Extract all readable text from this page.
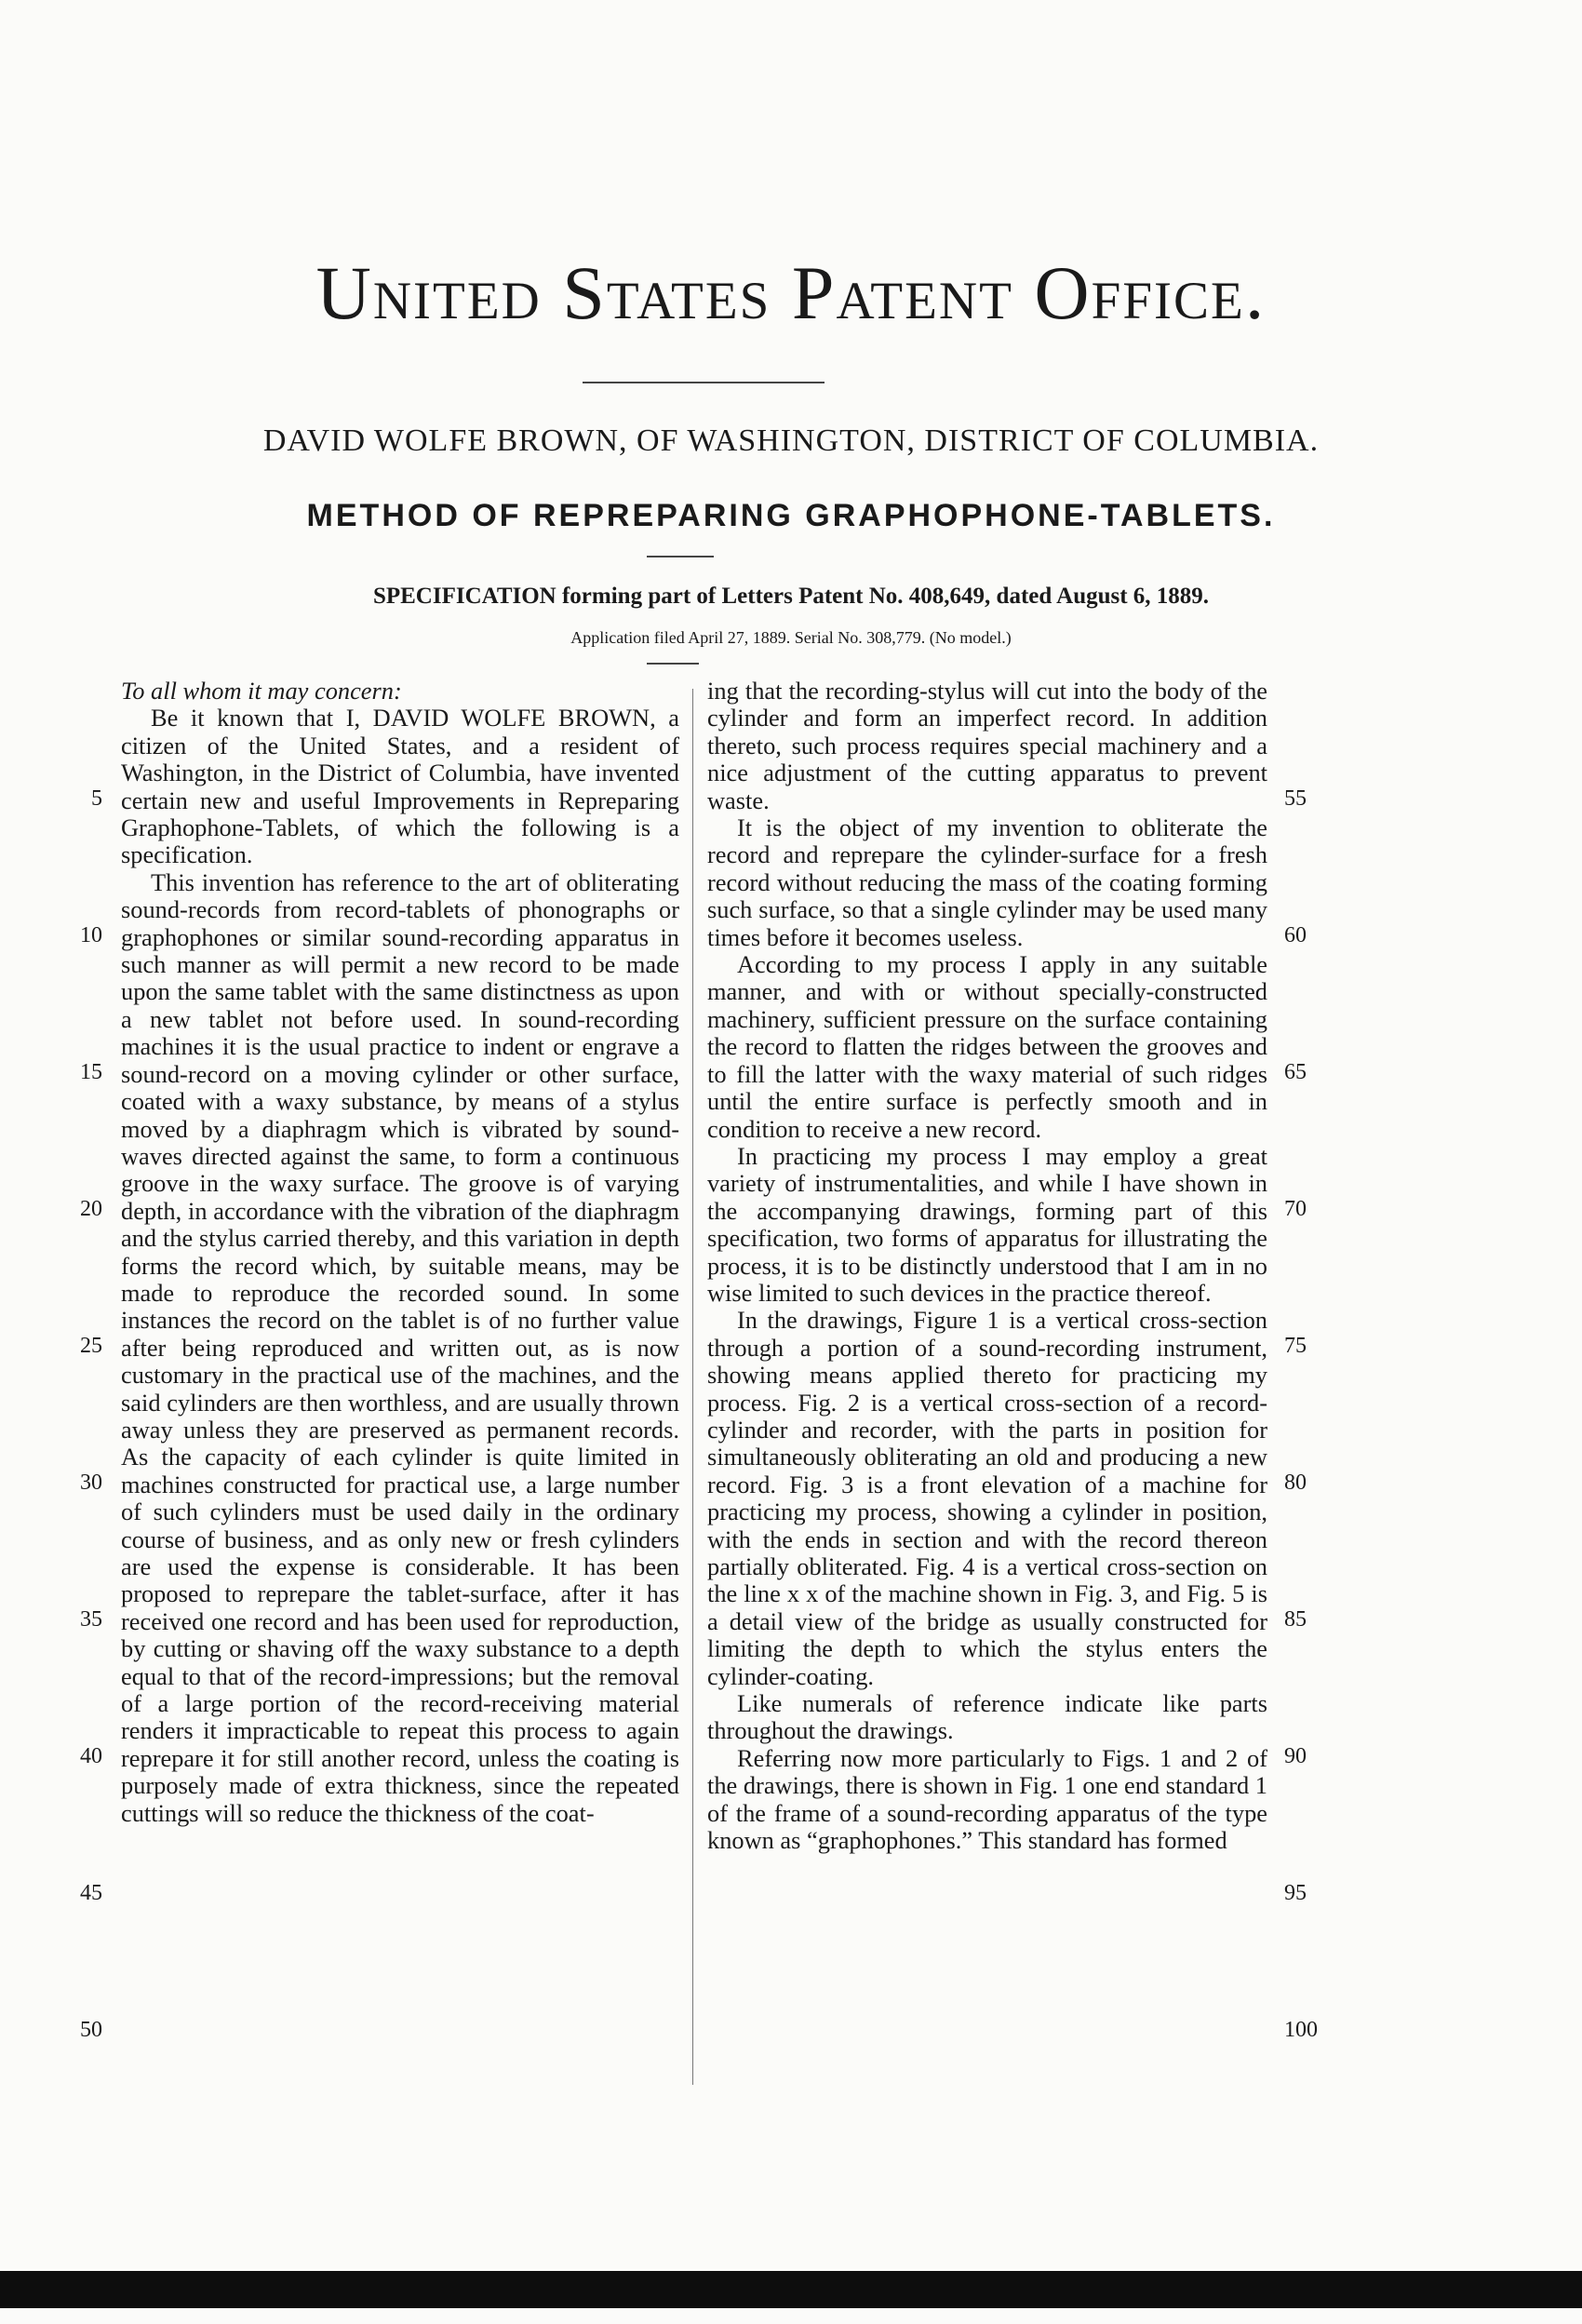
United States Patent Office.
DAVID WOLFE BROWN, OF WASHINGTON, DISTRICT OF COLUMBIA.
METHOD OF REPREPARING GRAPHOPHONE-TABLETS.
SPECIFICATION forming part of Letters Patent No. 408,649, dated August 6, 1889.
Application filed April 27, 1889. Serial No. 308,779. (No model.)

To all whom it may concern:

Be it known that I, DAVID WOLFE BROWN, a citizen of the United States, and a resident of Washington, in the District of Columbia, have invented certain new and useful Improvements in Repreparing Graphophone-Tablets, of which the following is a specification.

This invention has reference to the art of obliterating sound-records from record-tablets of phonographs or graphophones or similar sound-recording apparatus in such manner as will permit a new record to be made upon the same tablet with the same distinctness as upon a new tablet not before used. In sound-recording machines it is the usual practice to indent or engrave a sound-record on a moving cylinder or other surface, coated with a waxy substance, by means of a stylus moved by a diaphragm which is vibrated by sound-waves directed against the same, to form a continuous groove in the waxy surface. The groove is of varying depth, in accordance with the vibration of the diaphragm and the stylus carried thereby, and this variation in depth forms the record which, by suitable means, may be made to reproduce the recorded sound. In some instances the record on the tablet is of no further value after being reproduced and written out, as is now customary in the practical use of the machines, and the said cylinders are then worthless, and are usually thrown away unless they are preserved as permanent records. As the capacity of each cylinder is quite limited in machines constructed for practical use, a large number of such cylinders must be used daily in the ordinary course of business, and as only new or fresh cylinders are used the expense is considerable. It has been proposed to reprepare the tablet-surface, after it has received one record and has been used for reproduction, by cutting or shaving off the waxy substance to a depth equal to that of the record-impressions; but the removal of a large portion of the record-receiving material renders it impracticable to repeat this process to again reprepare it for still another record, unless the coating is purposely made of extra thickness, since the repeated cuttings will so reduce the thickness of the coat-

ing that the recording-stylus will cut into the body of the cylinder and form an imperfect record. In addition thereto, such process requires special machinery and a nice adjustment of the cutting apparatus to prevent waste.

It is the object of my invention to obliterate the record and reprepare the cylinder-surface for a fresh record without reducing the mass of the coating forming such surface, so that a single cylinder may be used many times before it becomes useless.

According to my process I apply in any suitable manner, and with or without specially-constructed machinery, sufficient pressure on the surface containing the record to flatten the ridges between the grooves and to fill the latter with the waxy material of such ridges until the entire surface is perfectly smooth and in condition to receive a new record.

In practicing my process I may employ a great variety of instrumentalities, and while I have shown in the accompanying drawings, forming part of this specification, two forms of apparatus for illustrating the process, it is to be distinctly understood that I am in no wise limited to such devices in the practice thereof.

In the drawings, Figure 1 is a vertical cross-section through a portion of a sound-recording instrument, showing means applied thereto for practicing my process. Fig. 2 is a vertical cross-section of a record-cylinder and recorder, with the parts in position for simultaneously obliterating an old and producing a new record. Fig. 3 is a front elevation of a machine for practicing my process, showing a cylinder in position, with the ends in section and with the record thereon partially obliterated. Fig. 4 is a vertical cross-section on the line x x of the machine shown in Fig. 3, and Fig. 5 is a detail view of the bridge as usually constructed for limiting the depth to which the stylus enters the cylinder-coating.

Like numerals of reference indicate like parts throughout the drawings.

Referring now more particularly to Figs. 1 and 2 of the drawings, there is shown in Fig. 1 one end standard 1 of the frame of a sound-recording apparatus of the type known as “graphophones.” This standard has formed

5
10
15
20
25
30
35
40
45
50
55
60
65
70
75
80
85
90
95
100
